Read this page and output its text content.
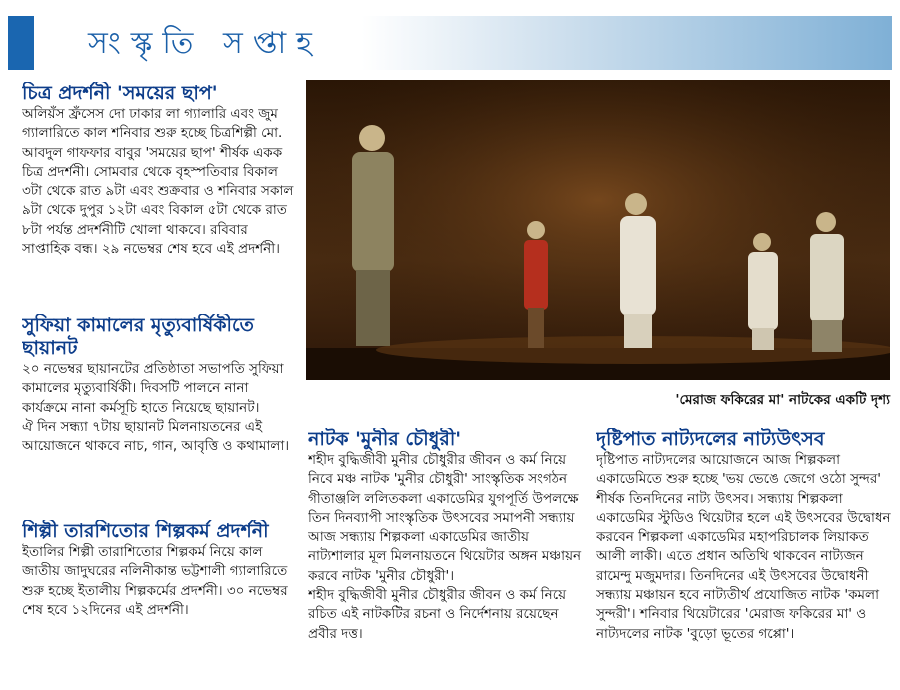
সংস্কৃতি সপ্তাহ
চিত্র প্রদর্শনী 'সময়ের ছাপ'

অলিয়ঁস ফ্রঁসেস দো ঢাকার লা গ্যালারি এবং জুম গ্যালারিতে কাল শনিবার শুরু হচ্ছে চিত্রশিল্পী মো. আবদুল গাফফার বাবুর 'সময়ের ছাপ' শীর্ষক একক চিত্র প্রদর্শনী। সোমবার থেকে বৃহস্পতিবার বিকাল ৩টা থেকে রাত ৯টা এবং শুক্রবার ও শনিবার সকাল ৯টা থেকে দুপুর ১২টা এবং বিকাল ৫টা থেকে রাত ৮টা পর্যন্ত প্রদর্শনীটি খোলা থাকবে। রবিবার সাপ্তাহিক বন্ধ। ২৯ নভেম্বর শেষ হবে এই প্রদর্শনী।

সুফিয়া কামালের মৃত্যুবার্ষিকীতে ছায়ানট

২০ নভেম্বর ছায়ানটের প্রতিষ্ঠাতা সভাপতি সুফিয়া কামালের মৃত্যুবার্ষিকী। দিবসটি পালনে নানা কার্যক্রমে নানা কর্মসূচি হাতে নিয়েছে ছায়ানট।

ঐ দিন সন্ধ্যা ৭টায় ছায়ানট মিলনায়তনের এই আয়োজনে থাকবে নাচ, গান, আবৃত্তি ও কথামালা।

শিল্পী তারশিতোর শিল্পকর্ম প্রদর্শনী

ইতালির শিল্পী তারাশিতোর শিল্পকর্ম নিয়ে কাল জাতীয় জাদুঘরের নলিনীকান্ত ভট্টশালী গ্যালারিতে শুরু হচ্ছে ইতালীয় শিল্পকর্মের প্রদর্শনী। ৩০ নভেম্বর শেষ হবে ১২দিনের এই প্রদর্শনী।

'মেরাজ ফকিরের মা' নাটকের একটি দৃশ্য
নাটক 'মুনীর চৌধুরী'

শহীদ বুদ্ধিজীবী মুনীর চৌধুরীর জীবন ও কর্ম নিয়ে নিবে মঞ্চ নাটক 'মুনীর চৌধুরী' সাংস্কৃতিক সংগঠন গীতাঞ্জলি ললিতকলা একাডেমির যুগপূর্তি উপলক্ষে তিন দিনব্যাপী সাংস্কৃতিক উৎসবের সমাপনী সন্ধ্যায় আজ সন্ধ্যায় শিল্পকলা একাডেমির জাতীয় নাট্যশালার মূল মিলনায়তনে থিয়েটার অঙ্গন মঞ্চায়ন করবে নাটক 'মুনীর চৌধুরী'।

শহীদ বুদ্ধিজীবী মুনীর চৌধুরীর জীবন ও কর্ম নিয়ে রচিত এই নাটকটির রচনা ও নির্দেশনায় রয়েছেন প্রবীর দত্ত।

দৃষ্টিপাত নাট্যদলের নাট্যউৎসব

দৃষ্টিপাত নাট্যদলের আয়োজনে আজ শিল্পকলা একাডেমিতে শুরু হচ্ছে 'ভয় ভেঙে জেগে ওঠো সুন্দর' শীর্ষক তিনদিনের নাট্য উৎসব। সন্ধ্যায় শিল্পকলা একাডেমির স্টুডিও থিয়েটার হলে এই উৎসবের উদ্বোধন করবেন শিল্পকলা একাডেমির মহাপরিচালক লিয়াকত আলী লাকী। এতে প্রধান অতিথি থাকবেন নাট্যজন রামেন্দু মজুমদার। তিনদিনের এই উৎসবের উদ্বোধনী সন্ধ্যায় মঞ্চায়ন হবে নাট্যতীর্থ প্রযোজিত নাটক 'কমলা সুন্দরী'। শনিবার থিয়েটারের 'মেরাজ ফকিরের মা' ও নাট্যদলের নাটক 'বুড়ো ভূতের গপ্পো'।
